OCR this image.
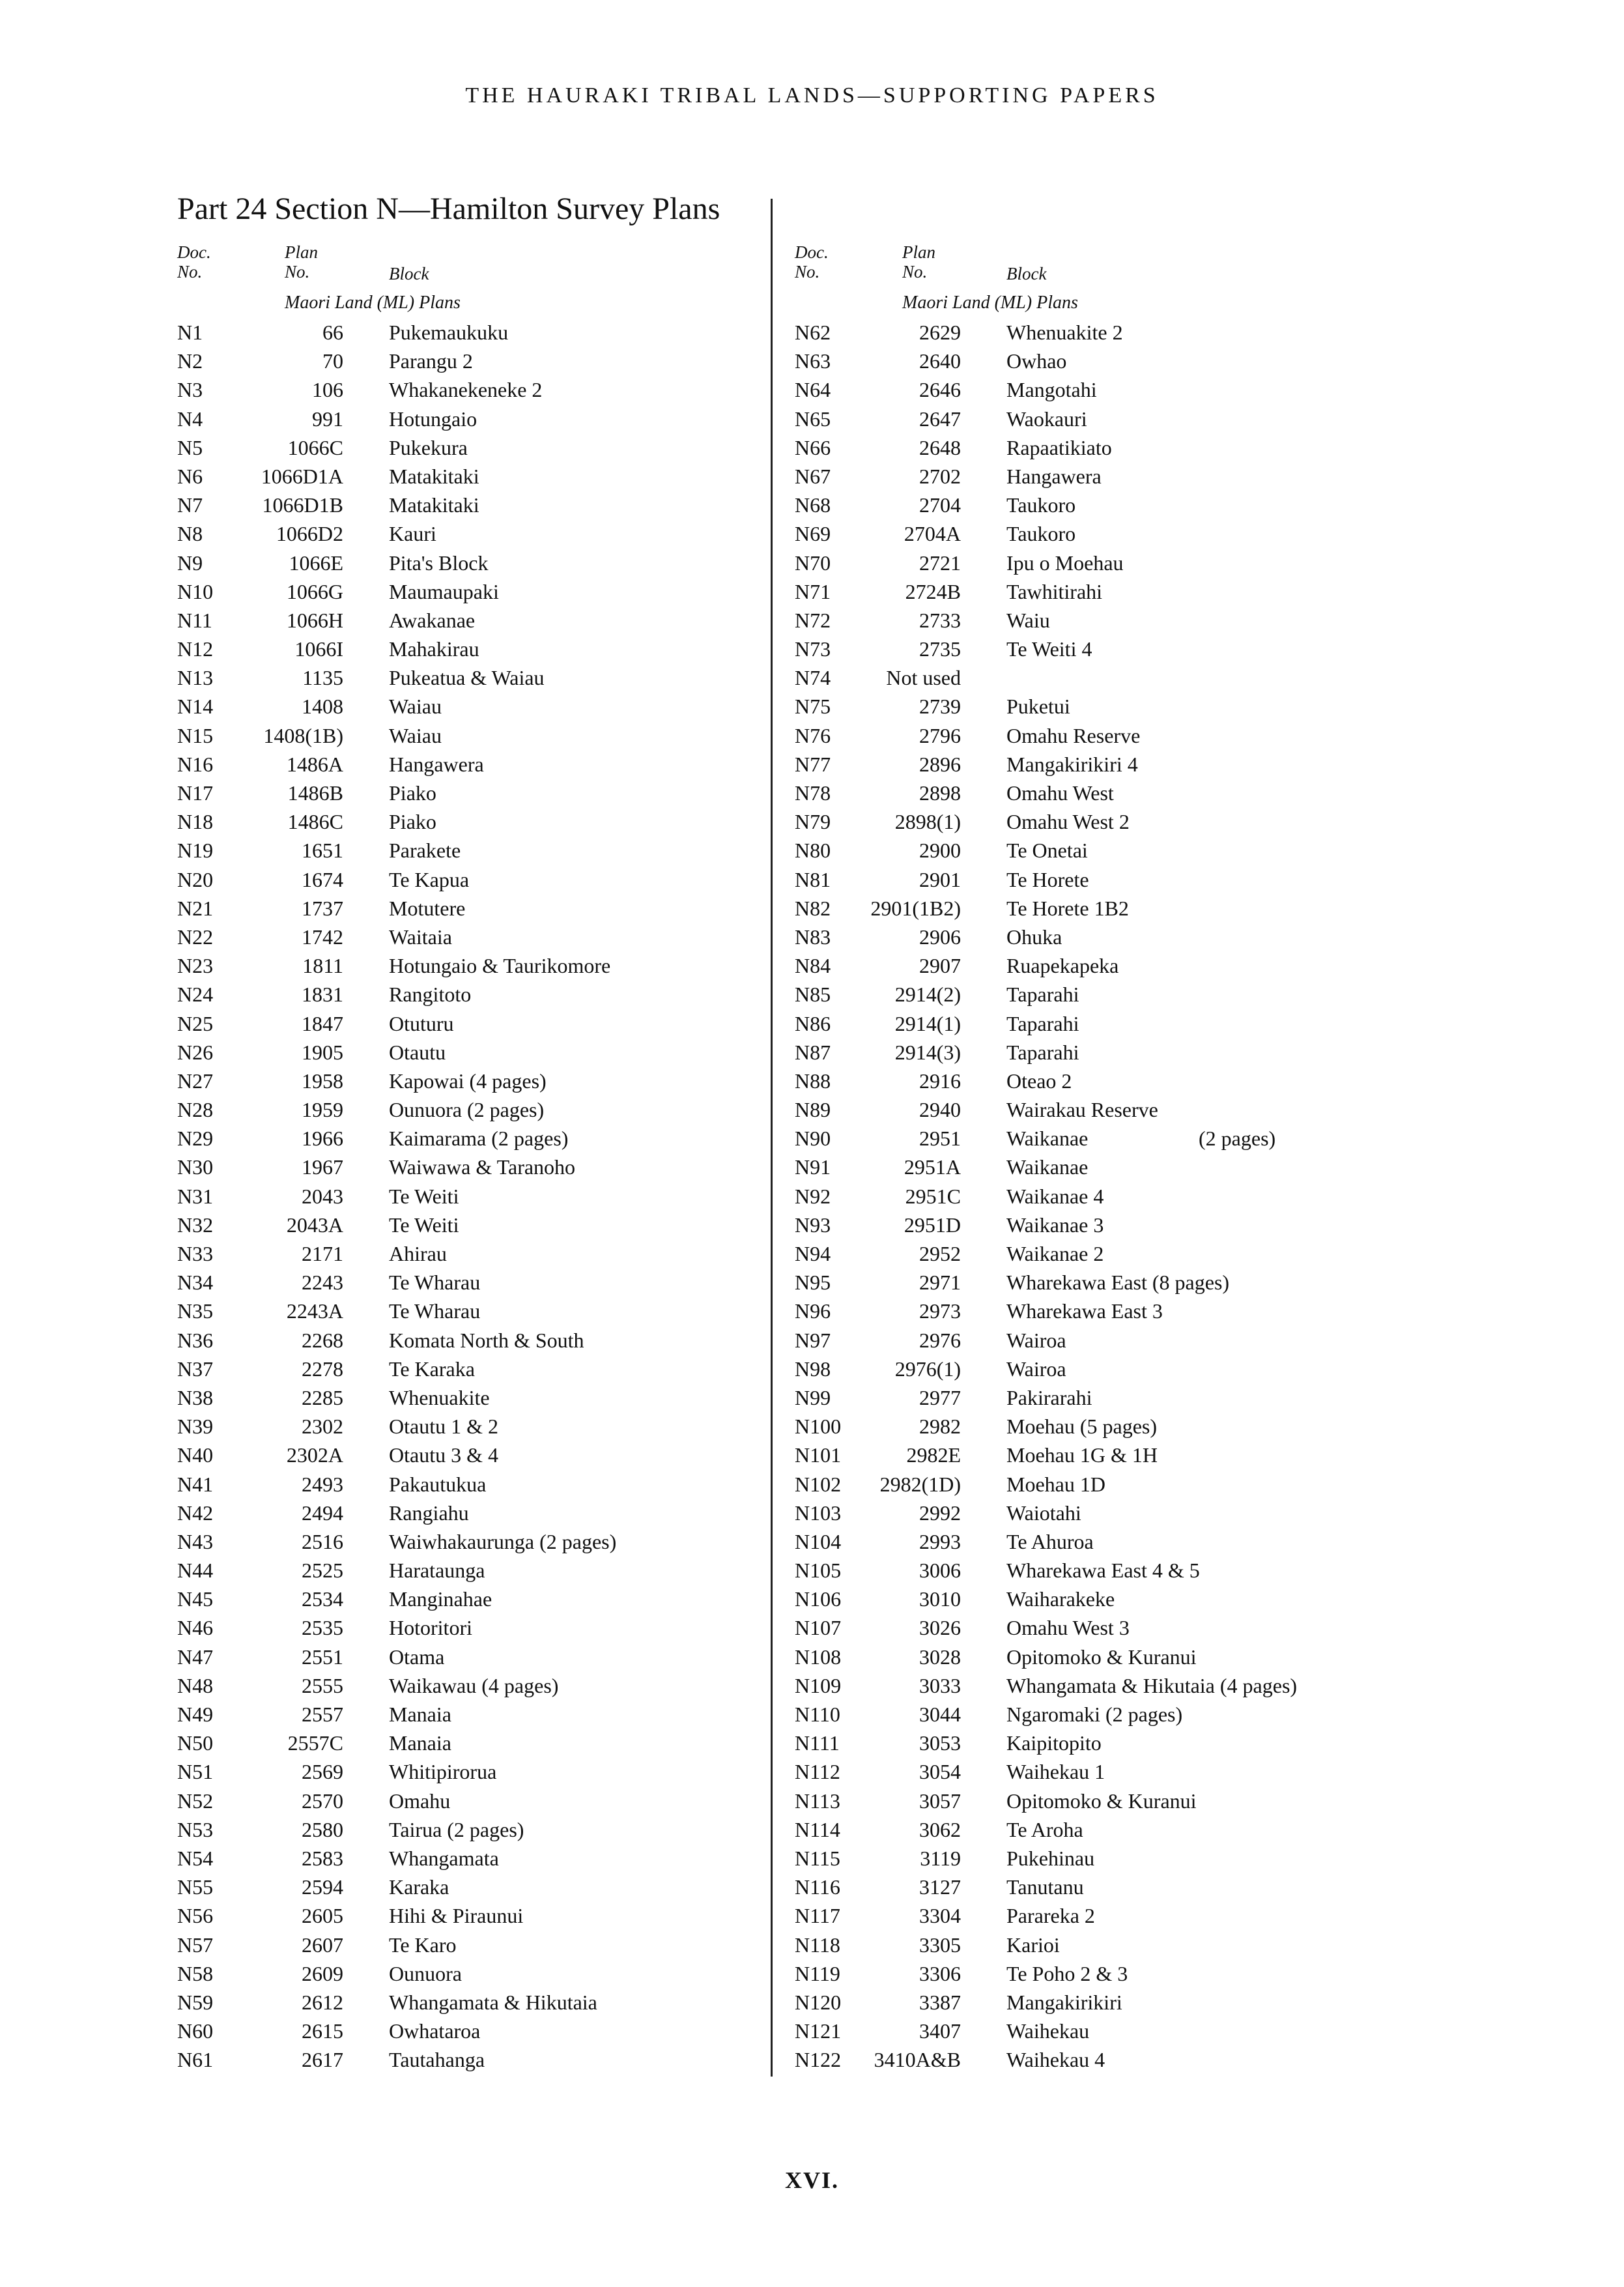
THE HAURAKI TRIBAL LANDS—SUPPORTING PAPERS
Part 24 Section N—Hamilton Survey Plans
Doc.
No.
Plan
No.	Block
Maori Land (ML) Plans
N1	66 Pukemaukuku
N2	70 Parangu 2
N3	106 Whakanekeneke 2
N4	991 Hotungaio
N5	1066C Pukekura
N6	1066D1A Matakitaki
N7	1066D1B Matakitaki
N8	1066D2 Kauri
N9	1066E Pita's Block
N10	1066G Maumaupaki
N11	1066H Awakanae
N12	1066I Mahakirau
N13	1135 Pukeatua & Waiau
N14	1408 Waiau
N15	1408(1B) Waiau
N16	1486A Hangawera
N17	1486B Piako
N18	1486C Piako
N19	1651 Parakete
N20	1674 Te Kapua
N21	1737 Motutere
N22	1742 Waitaia
N23	1811 Hotungaio & Taurikomore
N24	1831 Rangitoto
N25	1847 Otuturu
N26	1905 Otautu
N27	1958 Kapowai (4 pages)
N28	1959 Ounuora (2 pages)
N29	1966 Kaimarama (2 pages)
N30	1967 Waiwawa & Taranoho
N31	2043 Te Weiti
N32	2043A Te Weiti
N33	2171 Ahirau
N34	2243 Te Wharau
N35	2243A Te Wharau
N36	2268 Komata North & South
N37	2278 Te Karaka
N38	2285 Whenuakite
N39	2302 Otautu 1 & 2
N40	2302A Otautu 3 & 4
N41	2493 Pakautukua
N42	2494 Rangiahu
N43	2516 Waiwhakaurunga (2 pages)
N44	2525 Harataunga
N45	2534 Manginahae
N46	2535 Hotoritori
N47	2551 Otama
N48	2555 Waikawau (4 pages)
N49	2557 Manaia
N50	2557C Manaia
N51	2569 Whitipirorua
N52	2570 Omahu
N53	2580 Tairua (2 pages)
N54	2583 Whangamata
N55	2594 Karaka
N56	2605 Hihi & Piraunui
N57	2607 Te Karo
N58	2609 Ounuora
N59	2612 Whangamata & Hikutaia
N60	2615 Owhataroa
N61	2617 Tautahanga
Doc.
No.
Plan
No.	Block
Maori Land (ML) Plans
N62	2629 Whenuakite 2
N63	2640 Owhao
N64	2646 Mangotahi
N65	2647 Waokauri
N66	2648 Rapaatikiato
N67	2702 Hangawera
N68	2704 Taukoro
N69	2704A Taukoro
N70	2721 Ipu o Moehau
N71	2724B Tawhitirahi
N72	2733 Waiu
N73	2735 Te Weiti 4
N74	Not used
N75	2739 Puketui
N76	2796 Omahu Reserve
N77	2896 Mangakirikiri 4
N78	2898 Omahu West
N79	2898(1) Omahu West 2
N80	2900 Te Onetai
N81	2901 Te Horete
N82	2901(1B2) Te Horete 1B2
N83	2906 Ohuka
N84	2907 Ruapekapeka
N85	2914(2) Taparahi
N86	2914(1) Taparahi
N87	2914(3) Taparahi
N88	2916 Oteao 2
N89	2940 Wairakau Reserve
N90	2951 Waikanae	(2 pages)
N91	2951A Waikanae
N92	2951C Waikanae 4
N93	2951D Waikanae 3
N94	2952 Waikanae 2
N95	2971 Wharekawa East (8 pages)
N96	2973 Wharekawa East 3
N97	2976 Wairoa
N98	2976(1) Wairoa
N99	2977 Pakirarahi
N100	2982 Moehau (5 pages)
N101	2982E Moehau 1G & 1H
N102	2982(1D) Moehau 1D
N103	2992 Waiotahi
N104	2993 Te Ahuroa
N105	3006 Wharekawa East 4 & 5
N106	3010 Waiharakeke
N107	3026 Omahu West 3
N108	3028 Opitomoko & Kuranui
N109	3033 Whangamata & Hikutaia (4 pages)
N110	3044 Ngaromaki (2 pages)
N111	3053 Kaipitopito
N112	3054 Waihekau 1
N113	3057 Opitomoko & Kuranui
N114	3062 Te Aroha
N115	3119 Pukehinau
N116	3127 Tanutanu
N117	3304 Parareka 2
N118	3305 Karioi
N119	3306 Te Poho 2 & 3
N120	3387 Mangakirikiri
N121	3407 Waihekau
N122	3410A&B Waihekau 4
XVI.
